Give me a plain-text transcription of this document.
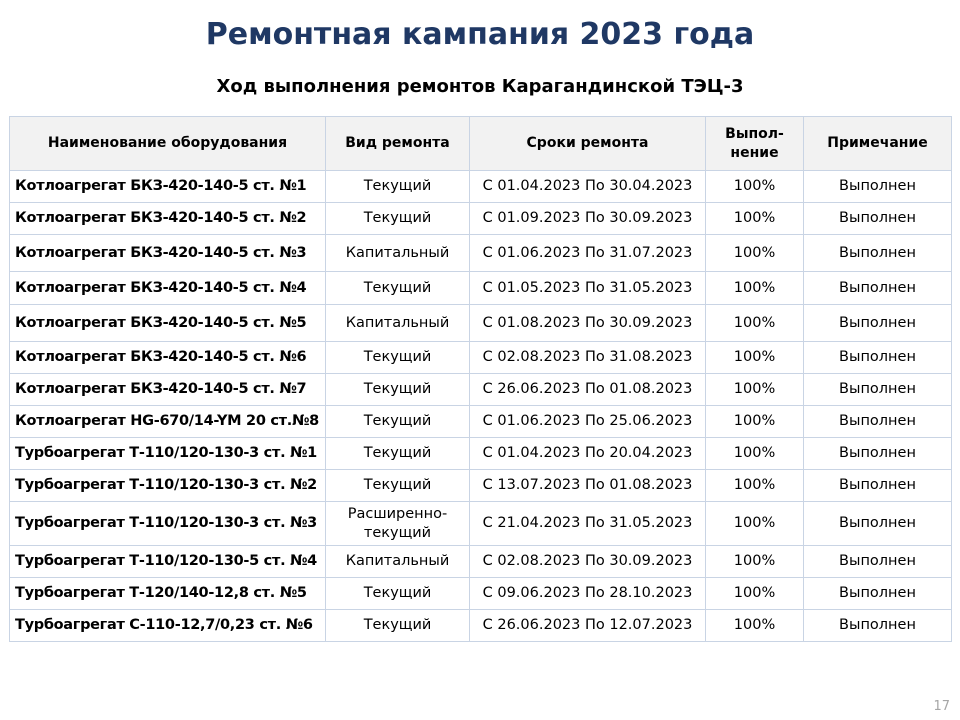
Ремонтная кампания 2023 года
Ход выполнения ремонтов Карагандинской ТЭЦ-3
Наименование оборудования	Вид ремонта	Сроки ремонта	Выпол-нение	Примечание
Котлоагрегат БКЗ-420-140-5 ст. №1	Текущий	С 01.04.2023 По 30.04.2023	100%	Выполнен
Котлоагрегат БКЗ-420-140-5 ст. №2	Текущий	С 01.09.2023 По 30.09.2023	100%	Выполнен
Котлоагрегат БКЗ-420-140-5 ст. №3	Капитальный	С 01.06.2023 По 31.07.2023	100%	Выполнен
Котлоагрегат БКЗ-420-140-5 ст. №4	Текущий	С 01.05.2023 По 31.05.2023	100%	Выполнен
Котлоагрегат БКЗ-420-140-5 ст. №5	Капитальный	С 01.08.2023 По 30.09.2023	100%	Выполнен
Котлоагрегат БКЗ-420-140-5 ст. №6	Текущий	С 02.08.2023 По 31.08.2023	100%	Выполнен
Котлоагрегат БКЗ-420-140-5 ст. №7	Текущий	С 26.06.2023 По 01.08.2023	100%	Выполнен
Котлоагрегат HG-670/14-YM 20 ст.№8	Текущий	С 01.06.2023 По 25.06.2023	100%	Выполнен
Турбоагрегат Т-110/120-130-3 ст. №1	Текущий	С 01.04.2023 По 20.04.2023	100%	Выполнен
Турбоагрегат Т-110/120-130-3 ст. №2	Текущий	С 13.07.2023 По 01.08.2023	100%	Выполнен
Турбоагрегат Т-110/120-130-3 ст. №3	Расширенно-текущий	С 21.04.2023 По 31.05.2023	100%	Выполнен
Турбоагрегат Т-110/120-130-5 ст. №4	Капитальный	С 02.08.2023 По 30.09.2023	100%	Выполнен
Турбоагрегат Т-120/140-12,8 ст. №5	Текущий	С 09.06.2023 По 28.10.2023	100%	Выполнен
Турбоагрегат С-110-12,7/0,23 ст. №6	Текущий	С 26.06.2023 По 12.07.2023	100%	Выполнен
17
